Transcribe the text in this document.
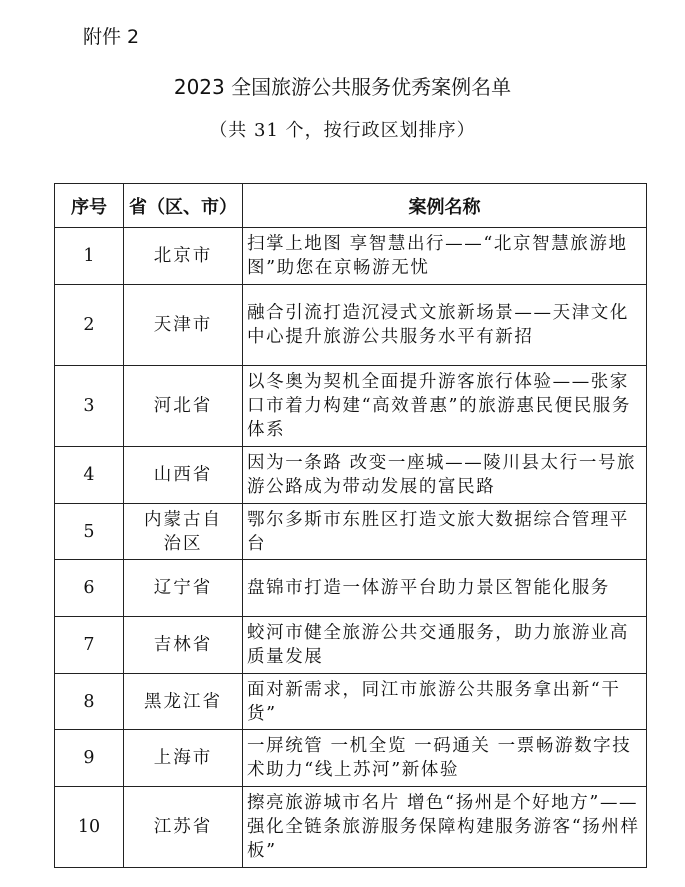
附件 2
2023 全国旅游公共服务优秀案例名单
（共 31 个，按行政区划排序）
序号	省（区、市）	案例名称
1	北京市	扫掌上地图 享智慧出行——“北京智慧旅游地图”助您在京畅游无忧
2	天津市	融合引流打造沉浸式文旅新场景——天津文化中心提升旅游公共服务水平有新招
3	河北省	以冬奥为契机全面提升游客旅行体验——张家口市着力构建“高效普惠”的旅游惠民便民服务体系
4	山西省	因为一条路 改变一座城——陵川县太行一号旅游公路成为带动发展的富民路
5	内蒙古自治区	鄂尔多斯市东胜区打造文旅大数据综合管理平台
6	辽宁省	盘锦市打造一体游平台助力景区智能化服务
7	吉林省	蛟河市健全旅游公共交通服务，助力旅游业高质量发展
8	黑龙江省	面对新需求，同江市旅游公共服务拿出新“干货”
9	上海市	一屏统管 一机全览 一码通关 一票畅游数字技术助力“线上苏河”新体验
10	江苏省	擦亮旅游城市名片 增色“扬州是个好地方”——强化全链条旅游服务保障构建服务游客“扬州样板”
